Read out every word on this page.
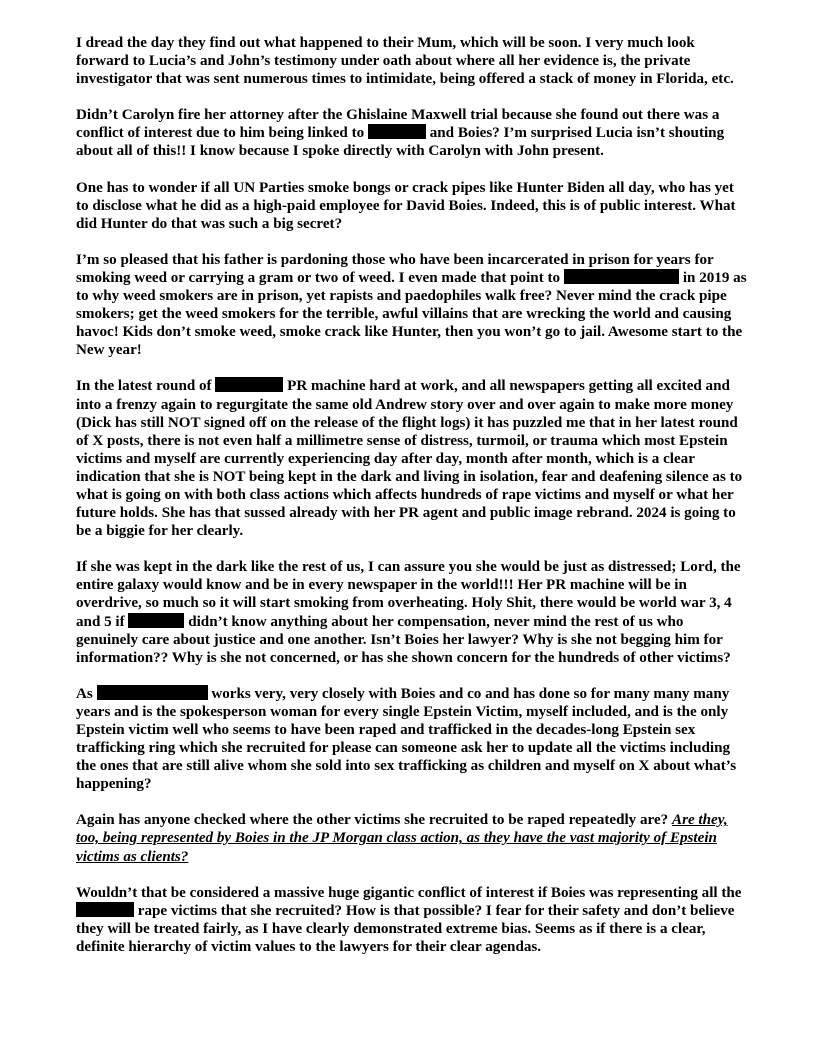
I dread the day they find out what happened to their Mum, which will be soon. I very much look forward to Lucia’s and John’s testimony under oath about where all her evidence is, the private investigator that was sent numerous times to intimidate, being offered a stack of money in Florida, etc.

Didn’t Carolyn fire her attorney after the Ghislaine Maxwell trial because she found out there was a conflict of interest due to him being linked to	and Boies? I’m surprised Lucia isn’t shouting about all of this!! I know because I spoke directly with Carolyn with John present.

One has to wonder if all UN Parties smoke bongs or crack pipes like Hunter Biden all day, who has yet to disclose what he did as a high-paid employee for David Boies. Indeed, this is of public interest. What did Hunter do that was such a big secret?

I’m so pleased that his father is pardoning those who have been incarcerated in prison for years for smoking weed or carrying a gram or two of weed. I even made that point to	in 2019 as to why weed smokers are in prison, yet rapists and paedophiles walk free? Never mind the crack pipe smokers; get the weed smokers for the terrible, awful villains that are wrecking the world and causing havoc! Kids don’t smoke weed, smoke crack like Hunter, then you won’t go to jail. Awesome start to the New year!

In the latest round of	PR machine hard at work, and all newspapers getting all excited and into a frenzy again to regurgitate the same old Andrew story over and over again to make more money (Dick has still NOT signed off on the release of the flight logs) it has puzzled me that in her latest round of X posts, there is not even half a millimetre sense of distress, turmoil, or trauma which most Epstein victims and myself are currently experiencing day after day, month after month, which is a clear indication that she is NOT being kept in the dark and living in isolation, fear and deafening silence as to what is going on with both class actions which affects hundreds of rape victims and myself or what her future holds. She has that sussed already with her PR agent and public image rebrand. 2024 is going to be a biggie for her clearly.

If she was kept in the dark like the rest of us, I can assure you she would be just as distressed; Lord, the entire galaxy would know and be in every newspaper in the world!!! Her PR machine will be in overdrive, so much so it will start smoking from overheating. Holy Shit, there would be world war 3, 4 and 5 if	didn’t know anything about her compensation, never mind the rest of us who genuinely care about justice and one another. Isn’t Boies her lawyer? Why is she not begging him for information?? Why is she not concerned, or has she shown concern for the hundreds of other victims?

As	works very, very closely with Boies and co and has done so for many many many years and is the spokesperson woman for every single Epstein Victim, myself included, and is the only Epstein victim well who seems to have been raped and trafficked in the decades-long Epstein sex trafficking ring which she recruited for please can someone ask her to update all the victims including the ones that are still alive whom she sold into sex trafficking as children and myself on X about what’s happening?

Again has anyone checked where the other victims she recruited to be raped repeatedly are? Are they, too, being represented by Boies in the JP Morgan class action, as they have the vast majority of Epstein victims as clients?

Wouldn’t that be considered a massive huge gigantic conflict of interest if Boies was representing all the  rape victims that she recruited? How is that possible? I fear for their safety and don’t believe they will be treated fairly, as I have clearly demonstrated extreme bias. Seems as if there is a clear, definite hierarchy of victim values to the lawyers for their clear agendas.
